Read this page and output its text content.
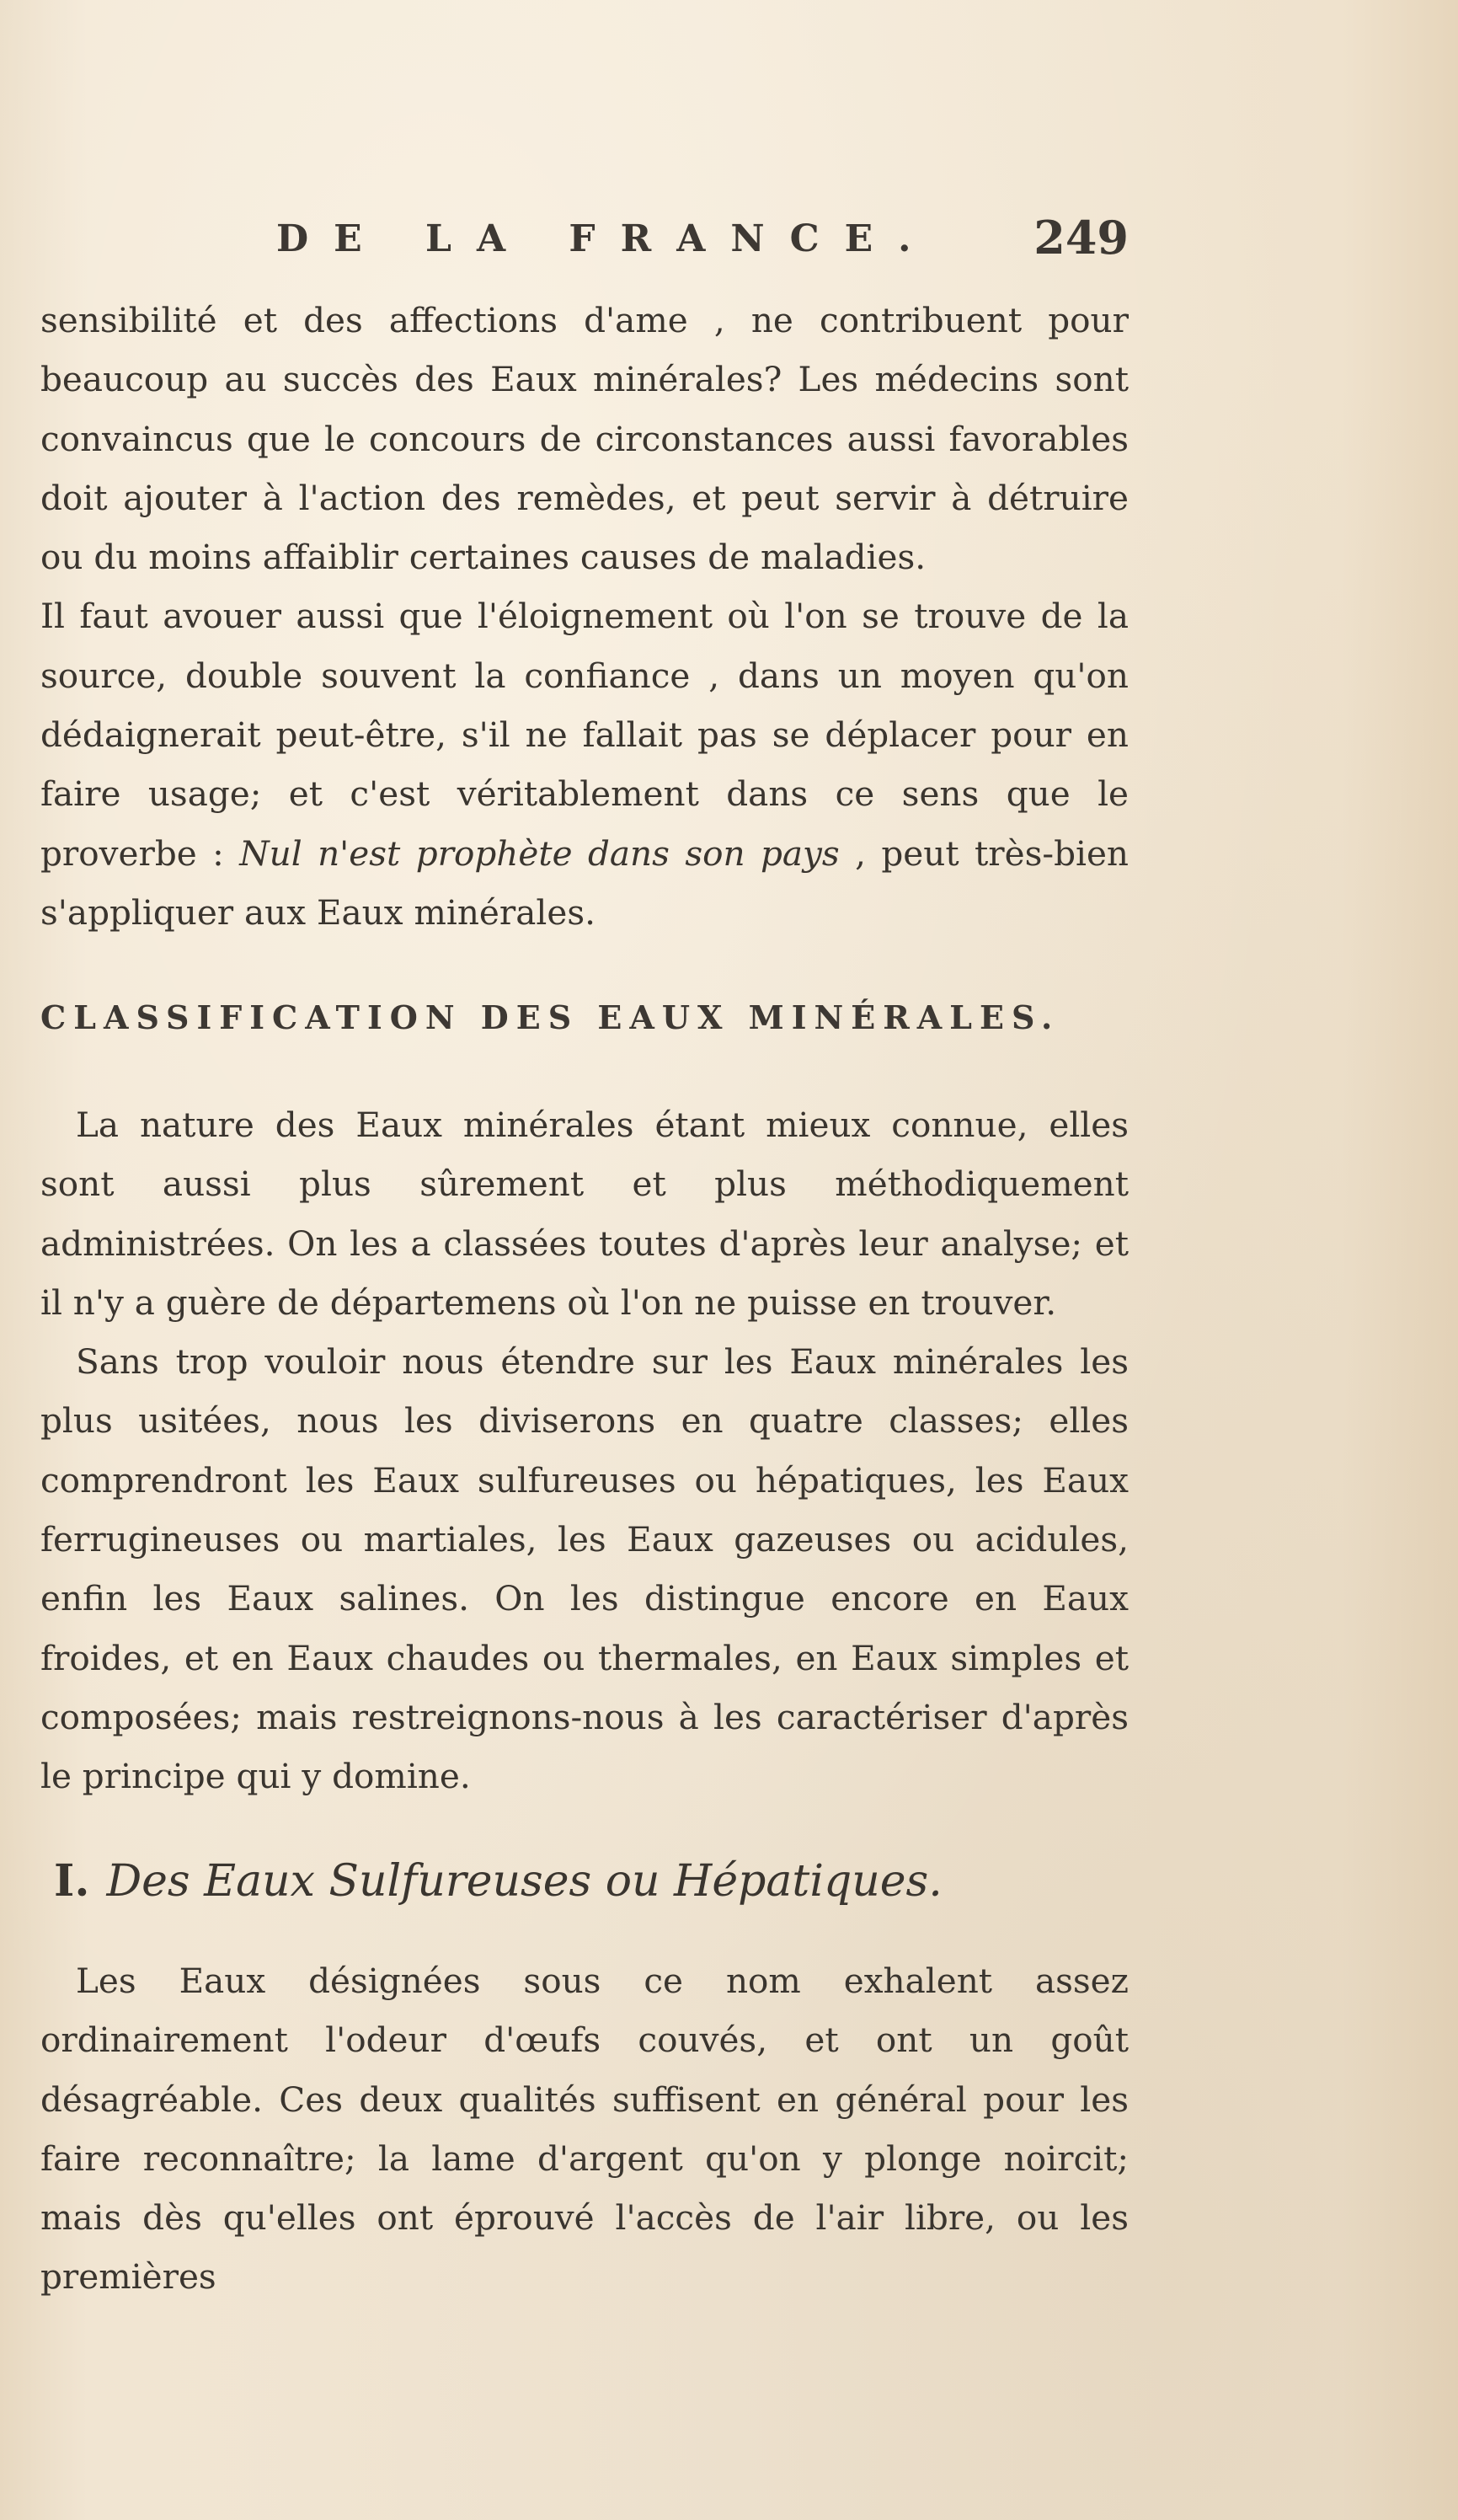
DE LA FRANCE. 249

sensibilité et des affections d'ame , ne contribuent pour beaucoup au succès des Eaux minérales? Les médecins sont convaincus que le concours de circonstances aussi favorables doit ajouter à l'action des remèdes, et peut servir à détruire ou du moins affaiblir certaines causes de maladies.

Il faut avouer aussi que l'éloignement où l'on se trouve de la source, double souvent la confiance , dans un moyen qu'on dédaignerait peut-être, s'il ne fallait pas se déplacer pour en faire usage; et c'est véritablement dans ce sens que le proverbe : Nul n'est prophète dans son pays , peut très-bien s'appliquer aux Eaux minérales.

CLASSIFICATION DES EAUX MINÉRALES.

La nature des Eaux minérales étant mieux connue, elles sont aussi plus sûrement et plus méthodiquement administrées. On les a classées toutes d'après leur analyse; et il n'y a guère de départemens où l'on ne puisse en trouver.

Sans trop vouloir nous étendre sur les Eaux minérales les plus usitées, nous les diviserons en quatre classes; elles comprendront les Eaux sulfureuses ou hépatiques, les Eaux ferrugineuses ou martiales, les Eaux gazeuses ou acidules, enfin les Eaux salines. On les distingue encore en Eaux froides, et en Eaux chaudes ou thermales, en Eaux simples et composées; mais restreignons-nous à les caractériser d'après le principe qui y domine.

I. Des Eaux Sulfureuses ou Hépatiques.

Les Eaux désignées sous ce nom exhalent assez ordinairement l'odeur d'œufs couvés, et ont un goût désagréable. Ces deux qualités suffisent en général pour les faire reconnaître; la lame d'argent qu'on y plonge noircit; mais dès qu'elles ont éprouvé l'accès de l'air libre, ou les premières
